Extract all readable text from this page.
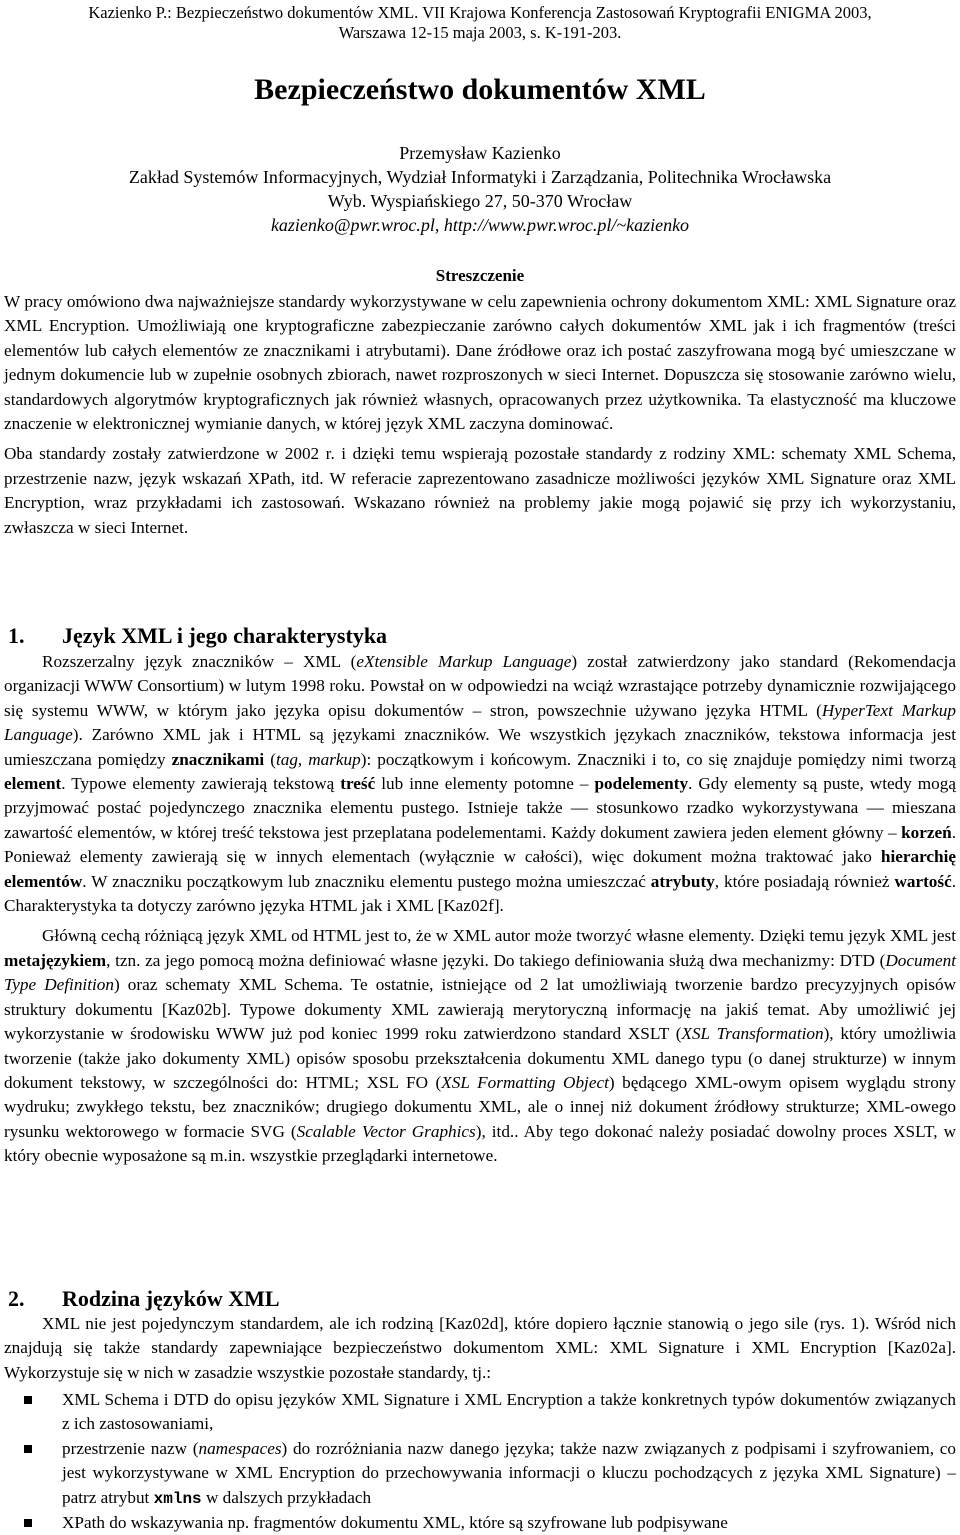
Kazienko P.: Bezpieczeństwo dokumentów XML. VII Krajowa Konferencja Zastosowań Kryptografii ENIGMA 2003,
Warszawa 12-15 maja 2003, s. K-191-203.
Bezpieczeństwo dokumentów XML
Przemysław Kazienko
Zakład Systemów Informacyjnych, Wydział Informatyki i Zarządzania, Politechnika Wrocławska
Wyb. Wyspiańskiego 27, 50-370 Wrocław
kazienko@pwr.wroc.pl, http://www.pwr.wroc.pl/~kazienko
Streszczenie

W pracy omówiono dwa najważniejsze standardy wykorzystywane w celu zapewnienia ochrony dokumentom XML: XML Signature oraz XML Encryption. Umożliwiają one kryptograficzne zabezpieczanie zarówno całych dokumentów XML jak i ich fragmentów (treści elementów lub całych elementów ze znacznikami i atrybutami). Dane źródłowe oraz ich postać zaszyfrowana mogą być umieszczane w jednym dokumencie lub w zupełnie osobnych zbiorach, nawet rozproszonych w sieci Internet. Dopuszcza się stosowanie zarówno wielu, standardowych algorytmów kryptograficznych jak również własnych, opracowanych przez użytkownika. Ta elastyczność ma kluczowe znaczenie w elektronicznej wymianie danych, w której język XML zaczyna dominować.

Oba standardy zostały zatwierdzone w 2002 r. i dzięki temu wspierają pozostałe standardy z rodziny XML: schematy XML Schema, przestrzenie nazw, język wskazań XPath, itd. W referacie zaprezentowano zasadnicze możliwości języków XML Signature oraz XML Encryption, wraz przykładami ich zastosowań. Wskazano również na problemy jakie mogą pojawić się przy ich wykorzystaniu, zwłaszcza w sieci Internet.

1. Język XML i jego charakterystyka

Rozszerzalny język znaczników – XML (eXtensible Markup Language) został zatwierdzony jako standard (Rekomendacja organizacji WWW Consortium) w lutym 1998 roku. Powstał on w odpowiedzi na wciąż wzrastające potrzeby dynamicznie rozwijającego się systemu WWW, w którym jako języka opisu dokumentów – stron, powszechnie używano języka HTML (HyperText Markup Language). Zarówno XML jak i HTML są językami znaczników. We wszystkich językach znaczników, tekstowa informacja jest umieszczana pomiędzy znacznikami (tag, markup): początkowym i końcowym. Znaczniki i to, co się znajduje pomiędzy nimi tworzą element. Typowe elementy zawierają tekstową treść lub inne elementy potomne – podelementy. Gdy elementy są puste, wtedy mogą przyjmować postać pojedynczego znacznika elementu pustego. Istnieje także — stosunkowo rzadko wykorzystywana — mieszana zawartość elementów, w której treść tekstowa jest przeplatana podelementami. Każdy dokument zawiera jeden element główny – korzeń. Ponieważ elementy zawierają się w innych elementach (wyłącznie w całości), więc dokument można traktować jako hierarchię elementów. W znaczniku początkowym lub znaczniku elementu pustego można umieszczać atrybuty, które posiadają również wartość. Charakterystyka ta dotyczy zarówno języka HTML jak i XML [Kaz02f].

Główną cechą różniącą język XML od HTML jest to, że w XML autor może tworzyć własne elementy. Dzięki temu język XML jest metajęzykiem, tzn. za jego pomocą można definiować własne języki. Do takiego definiowania służą dwa mechanizmy: DTD (Document Type Definition) oraz schematy XML Schema. Te ostatnie, istniejące od 2 lat umożliwiają tworzenie bardzo precyzyjnych opisów struktury dokumentu [Kaz02b]. Typowe dokumenty XML zawierają merytoryczną informację na jakiś temat. Aby umożliwić jej wykorzystanie w środowisku WWW już pod koniec 1999 roku zatwierdzono standard XSLT (XSL Transformation), który umożliwia tworzenie (także jako dokumenty XML) opisów sposobu przekształcenia dokumentu XML danego typu (o danej strukturze) w innym dokument tekstowy, w szczególności do: HTML; XSL FO (XSL Formatting Object) będącego XML-owym opisem wyglądu strony wydruku; zwykłego tekstu, bez znaczników; drugiego dokumentu XML, ale o innej niż dokument źródłowy strukturze; XML-owego rysunku wektorowego w formacie SVG (Scalable Vector Graphics), itd.. Aby tego dokonać należy posiadać dowolny proces XSLT, w który obecnie wyposażone są m.in. wszystkie przeglądarki internetowe.

2. Rodzina języków XML

XML nie jest pojedynczym standardem, ale ich rodziną [Kaz02d], które dopiero łącznie stanowią o jego sile (rys. 1). Wśród nich znajdują się także standardy zapewniające bezpieczeństwo dokumentom XML: XML Signature i XML Encryption [Kaz02a]. Wykorzystuje się w nich w zasadzie wszystkie pozostałe standardy, tj.:

XML Schema i DTD do opisu języków XML Signature i XML Encryption a także konkretnych typów dokumentów związanych z ich zastosowaniami,
przestrzenie nazw (namespaces) do rozróżniania nazw danego języka; także nazw związanych z podpisami i szyfrowaniem, co jest wykorzystywane w XML Encryption do przechowywania informacji o kluczu pochodzących z języka XML Signature) – patrz atrybut xmlns w dalszych przykładach
XPath do wskazywania np. fragmentów dokumentu XML, które są szyfrowane lub podpisywane
